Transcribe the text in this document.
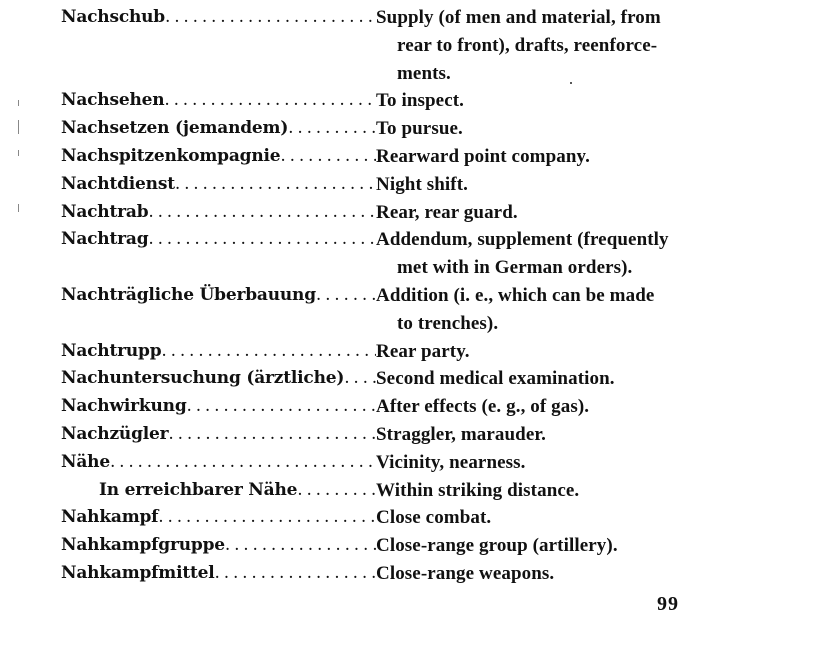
Nachschub . . .	Supply (of men and material, from
rear to front), drafts, reenforce-
ments.
Nachsehen . . .	To inspect.
Nachsetzen (jemandem) . . .	To pursue.
Nachspitzenkompagnie . . .	Rearward point company.
Nachtdienst . . .	Night shift.
Nachtrab . . .	Rear, rear guard.
Nachtrag . . .	Addendum, supplement (frequently
met with in German orders).
Nachträgliche Überbauung . . .	Addition (i. e., which can be made
to trenches).
Nachtrupp . . .	Rear party.
Nachuntersuchung (ärztliche) . . . Second medical examination.
Nachwirkung . . .	After effects (e. g., of gas).
Nachzügler . . .	Straggler, marauder.
Nähe . . .	Vicinity, nearness.
In erreichbarer Nähe . . .	Within striking distance.
Nahkampf . . .	Close combat.
Nahkampfgruppe . . .	Close-range group (artillery).
Nahkampfmittel . . .	Close-range weapons.
99
